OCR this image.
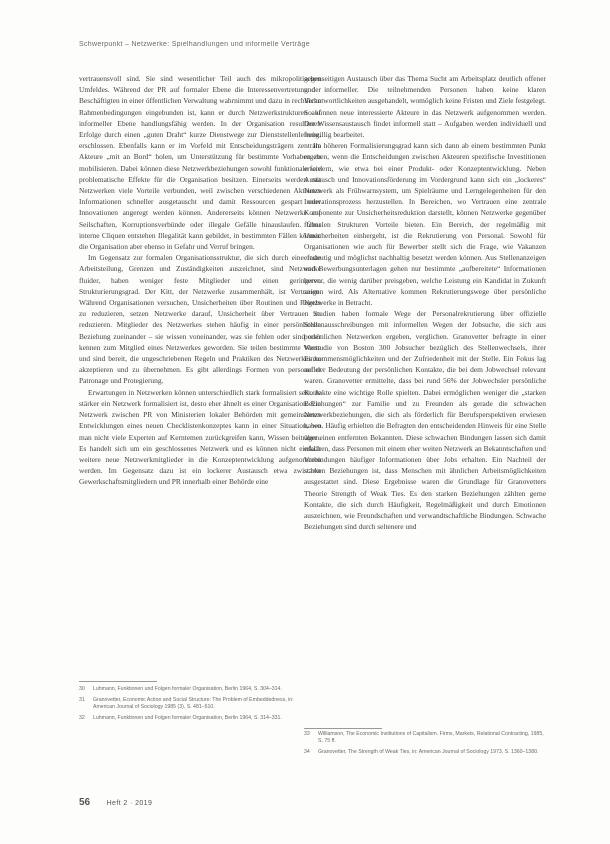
Schwerpunkt – Netzwerke: Spielhandlungen und informelle Verträge

vertrauensvoll sind. Sie sind wesentlicher Teil auch des mikropolitischen Umfeldes. Während der PR auf formaler Ebene die Interessenvertretung der Beschäftigten in einer öffentlichen Verwaltung wahrnimmt und dazu in rechtliche Rahmenbedingungen eingebunden ist, kann er durch Netzwerkstrukturen auf informeller Ebene handlungsfähig werden. In der Organisation resultieren Erfolge durch einen „guten Draht“ kurze Dienstwege zur Dienststellenleitung, erschlossen. Ebenfalls kann er im Vorfeld mit Entscheidungsträgern zentrale Akteure „mit an Bord“ holen, um Unterstützung für bestimmte Vorhaben zu mobilisieren. Dabei können diese Netzwerkbeziehungen sowohl funktionale wie problematische Effekte für die Organisation besitzen. Einerseits werden mit Netzwerken viele Vorteile verbunden, weil zwischen verschiedenen Akteuren Informationen schneller ausgetauscht und damit Ressourcen gespart oder Innovationen angeregt werden können. Andererseits können Netzwerke auf Seilschaften, Korruptionsverbünde oder illegale Gefälle hinauslaufen. Über interne Cliquen entstehen Illegalität kann gebildet, in bestimmten Fällen können die Organisation aber ebenso in Gefahr und Verruf bringen.

Im Gegensatz zur formalen Organisationsstruktur, die sich durch eine feste Arbeitsteilung, Grenzen und Zuständigkeiten auszeichnet, sind Netzwerke fluider, haben weniger feste Mitglieder und einen geringeren Strukturierungsgrad. Der Kitt, der Netzwerke zusammenhält, ist Vertrauen. Während Organisationen versuchen, Unsicherheiten über Routinen und Regeln zu reduzieren, setzen Netzwerke darauf, Unsicherheit über Vertrauen zu reduzieren. Mitglieder des Netzwerkes stehen häufig in einer persönlichen Beziehung zueinander – sie wissen voneinander, was sie fehlen oder sind oder kennen zum Mitglied eines Netzwerkes geworden. Sie teilen bestimmte Werte und sind bereit, die ungeschriebenen Regeln und Praktiken des Netzwerkes zu akzeptieren und zu übernehmen. Es gibt allerdings Formen von personeller Patronage und Protegierung.

Erwartungen in Netzwerken können unterschiedlich stark formalisiert sein. Je stärker ein Netzwerk formalisiert ist, desto eher ähnelt es einer Organisation. Ein Netzwerk zwischen PR von Ministerien lokaler Behörden mit gemeinsamen Entwicklungen eines neuen Checklistenkonzeptes kann in einer Situation, wo man nicht viele Experten auf Kerntemen zurückgreifen kann, Wissen beitragen. Es handelt sich um ein geschlossenes Netzwerk und es können nicht einfach weitere neue Netzwerkmitglieder in die Konzeptentwicklung aufgenommen werden. Im Gegensatz dazu ist ein lockerer Austausch etwa zwischen Gewerkschaftsmitgliedern und PR innerhalb einer Behörde eine

gegenseitigen Austausch über das Thema Sucht am Arbeitsplatz deutlich offener und informeller. Die teilnehmenden Personen haben keine klaren Verantwortlichkeiten ausgehandelt, womöglich keine Fristen und Ziele festgelegt. So können neue interessierte Akteure in das Netzwerk aufgenommen werden. Der Wissensaustausch findet informell statt – Aufgaben werden individuell und freiwillig bearbeitet.

Im höheren Formalisierungsgrad kann sich dann ab einem bestimmten Punkt ergeben, wenn die Entscheidungen zwischen Akteuren spezifische Investitionen erfordern, wie etwa bei einer Produkt- oder Konzeptentwicklung. Neben Austausch und Innovationsförderung im Vordergrund kann sich ein „lockeres“ Netzwerk als Frühwarnsystem, um Spielräume und Lerngelegenheiten für den Innovationsprozess herzustellen. In Bereichen, wo Vertrauen eine zentrale Komponente zur Unsicherheitsreduktion darstellt, können Netzwerke gegenüber formalen Strukturen Vorteile bieten. Ein Bereich, der regelmäßig mit Unsicherheiten einhergeht, ist die Rekrutierung von Personal. Sowohl für Organisationen wie auch für Bewerber stellt sich die Frage, wie Vakanzen eindeutig und möglichst nachhaltig besetzt werden können. Aus Stellenanzeigen und Bewerbungsunterlagen gehen nur bestimmte „aufbereitete“ Informationen hervor, die wenig darüber preisgeben, welche Leistung ein Kandidat in Zukunft zeigen wird. Als Alternative kommen Rekrutierungswege über persönliche Netzwerke in Betracht.

Studien haben formale Wege der Personalrekrutierung über offizielle Stellenausschreibungen mit informellen Wegen der Jobsuche, die sich aus persönlichen Netzwerken ergeben, verglichen. Granovetter befragte in einer Vorstudie von Boston 300 Jobsucher bezüglich des Stellenwechsels, ihrer Einkommensmöglichkeiten und der Zufriedenheit mit der Stelle. Ein Fokus lag auf der Bedeutung der persönlichen Kontakte, die bei dem Jobwechsel relevant waren. Granovetter ermittelte, dass bei rund 56% der Jobwechsler persönliche Kontakte eine wichtige Rolle spielten. Dabei ermöglichen weniger die „starken Beziehungen“ zur Familie und zu Freunden als gerade die schwachen Netzwerkbeziehungen, die sich als förderlich für Berufsperspektiven erwiesen haben. Häufig erhielten die Befragten den entscheidenden Hinweis für eine Stelle über einen entfernten Bekannten. Diese schwachen Bindungen lassen sich damit erklären, dass Personen mit einem eher weiten Netzwerk an Bekanntschaften und Verbindungen häufiger Informationen über Jobs erhalten. Ein Nachteil der starken Beziehungen ist, dass Menschen mit ähnlichen Arbeitsmöglichkeiten ausgestattet sind. Diese Ergebnisse waren die Grundlage für Granovetters Theorie Strength of Weak Ties. Es den starken Beziehungen zählten gerne Kontakte, die sich durch Häufigkeit, Regelmäßigkeit und durch Emotionen auszeichnen, wie Freundschaften und verwandtschaftliche Bindungen. Schwache Beziehungen sind durch seltenere und

30	Luhmann, Funktionen und Folgen formaler Organisation, Berlin 1964, S. 304–314.
31	Granovetter, Economic Action and Social Structure: The Problem of Embeddedness, in: American Journal of Sociology 1985 (3), S. 481–510.
32	Luhmann, Funktionen und Folgen formaler Organisation, Berlin 1964, S. 314–331.
33	Williamson, The Economic Institutions of Capitalism. Firms, Markets, Relational Contracting, 1985, S. 75 ff.
34	Granovetter, The Strength of Weak Ties, in: American Journal of Sociology 1973, S. 1360–1380.
56 Heft 2 · 2019
